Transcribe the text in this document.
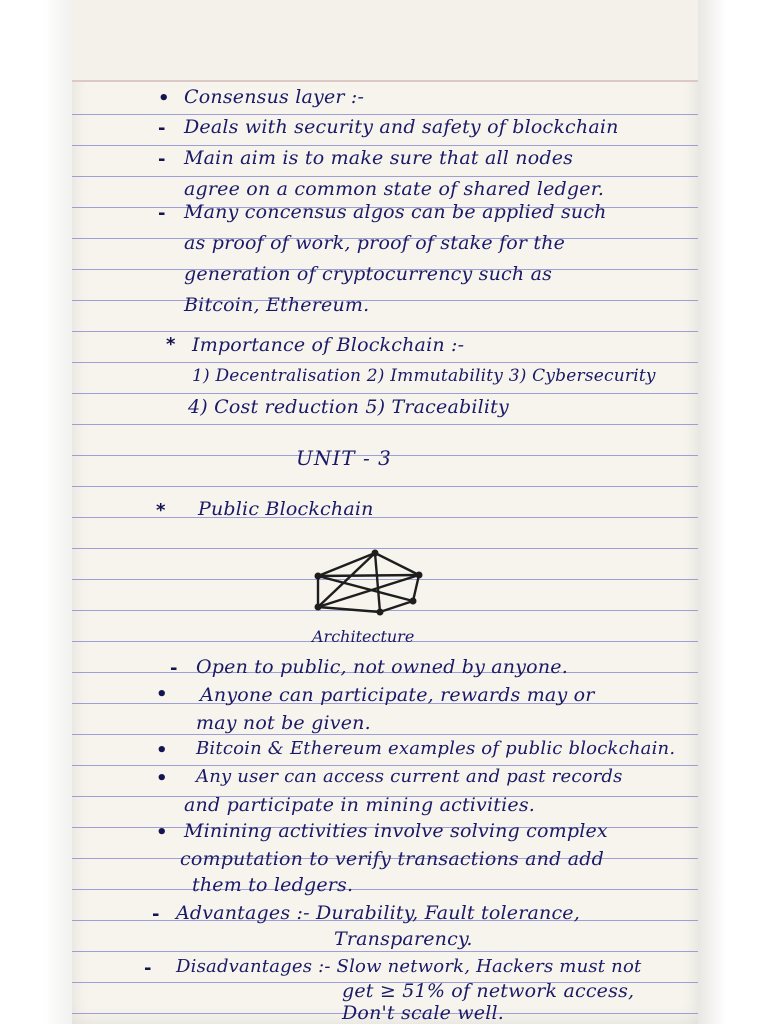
• Consensus layer :-
- Deals with security and safety of blockchain
- Main aim is to make sure that all nodes
agree on a common state of shared ledger.
- Many concensus algos can be applied such
as proof of work, proof of stake for the
generation of cryptocurrency such as
Bitcoin, Ethereum.
* Importance of Blockchain :-
1) Decentralisation 2) Immutability 3) Cybersecurity
4) Cost reduction 5) Traceability
UNIT - 3
* Public Blockchain
Architecture
- Open to public, not owned by anyone.
• Anyone can participate, rewards may or
may not be given.
• Bitcoin & Ethereum examples of public blockchain.
• Any user can access current and past records
and participate in mining activities.
• Minining activities involve solving complex
computation to verify transactions and add
them to ledgers.
- Advantages :- Durability, Fault tolerance,
Transparency.
- Disadvantages :- Slow network, Hackers must not
get ≥ 51% of network access,
Don't scale well.
